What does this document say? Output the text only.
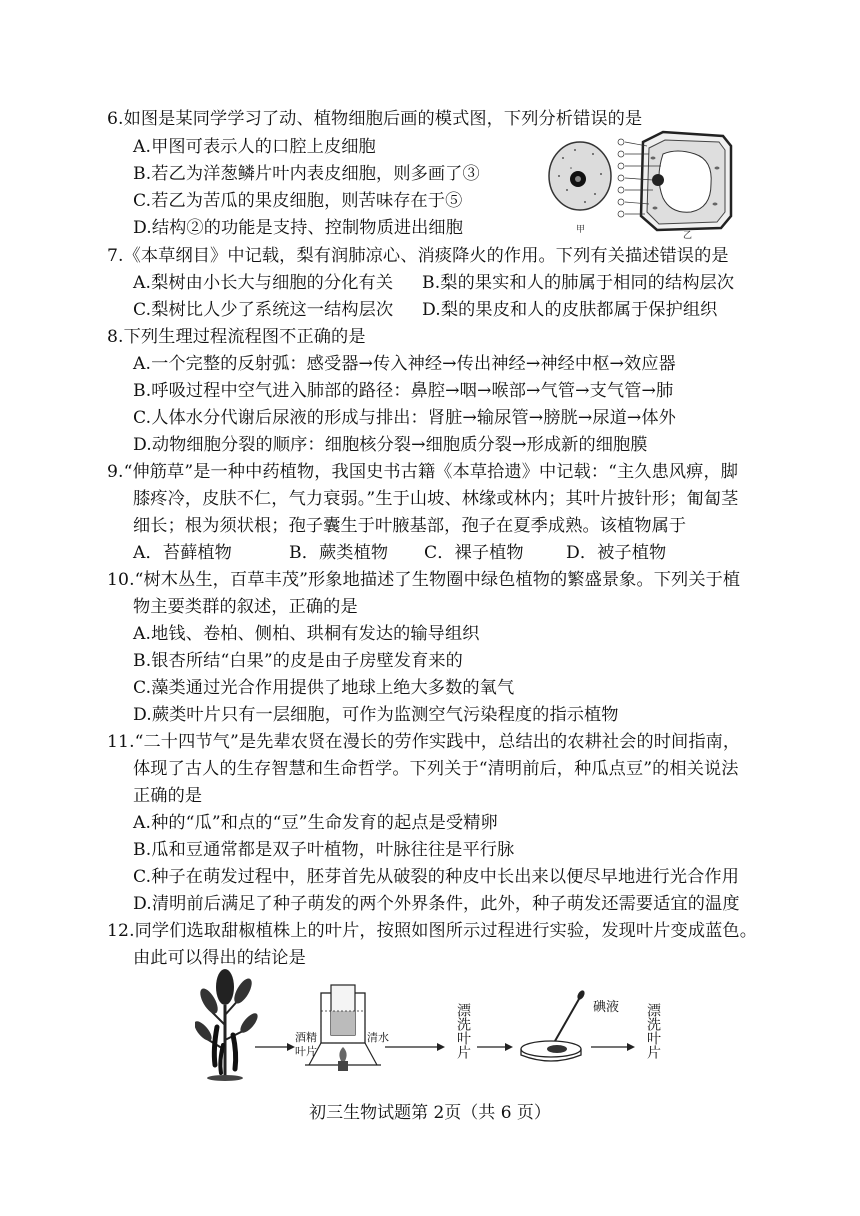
6.如图是某同学学习了动、植物细胞后画的模式图，下列分析错误的是
A.甲图可表示人的口腔上皮细胞
B.若乙为洋葱鳞片叶内表皮细胞，则多画了③
C.若乙为苦瓜的果皮细胞，则苦味存在于⑤
D.结构②的功能是支持、控制物质进出细胞	甲
乙
7.《本草纲目》中记载，梨有润肺凉心、消痰降火的作用。下列有关描述错误的是
A.梨树由小长大与细胞的分化有关 B.梨的果实和人的肺属于相同的结构层次
C.梨树比人少了系统这一结构层次 D.梨的果皮和人的皮肤都属于保护组织
8.下列生理过程流程图不正确的是
A.一个完整的反射弧：感受器→传入神经→传出神经→神经中枢→效应器
B.呼吸过程中空气进入肺部的路径：鼻腔→咽→喉部→气管→支气管→肺
C.人体水分代谢后尿液的形成与排出：肾脏→输尿管→膀胱→尿道→体外
D.动物细胞分裂的顺序：细胞核分裂→细胞质分裂→形成新的细胞膜
9.“伸筋草”是一种中药植物，我国史书古籍《本草拾遗》中记载：“主久患风痹，脚
膝疼冷，皮肤不仁，气力衰弱。”生于山坡、林缘或林内；其叶片披针形；匍匐茎
细长；根为须状根；孢子囊生于叶腋基部，孢子在夏季成熟。该植物属于
A．苔藓植物	B．蕨类植物 C．裸子植物 D．被子植物
10.“树木丛生，百草丰茂”形象地描述了生物圈中绿色植物的繁盛景象。下列关于植
物主要类群的叙述，正确的是
A.地钱、卷柏、侧柏、珙桐有发达的输导组织
B.银杏所结“白果”的皮是由子房壁发育来的
C.藻类通过光合作用提供了地球上绝大多数的氧气
D.蕨类叶片只有一层细胞，可作为监测空气污染程度的指示植物
11.“二十四节气”是先辈农贤在漫长的劳作实践中，总结出的农耕社会的时间指南，
体现了古人的生存智慧和生命哲学。下列关于“清明前后，种瓜点豆”的相关说法
正确的是
A.种的“瓜”和点的“豆”生命发育的起点是受精卵
B.瓜和豆通常都是双子叶植物，叶脉往往是平行脉
C.种子在萌发过程中，胚芽首先从破裂的种皮中长出来以便尽早地进行光合作用
D.清明前后满足了种子萌发的两个外界条件，此外，种子萌发还需要适宜的温度
12.同学们选取甜椒植株上的叶片，按照如图所示过程进行实验，发现叶片变成蓝色。
由此可以得出的结论是
酒精
叶片
清水	漂洗叶片	碘液 漂洗叶片
初三生物试题第 2页（共 6 页）
